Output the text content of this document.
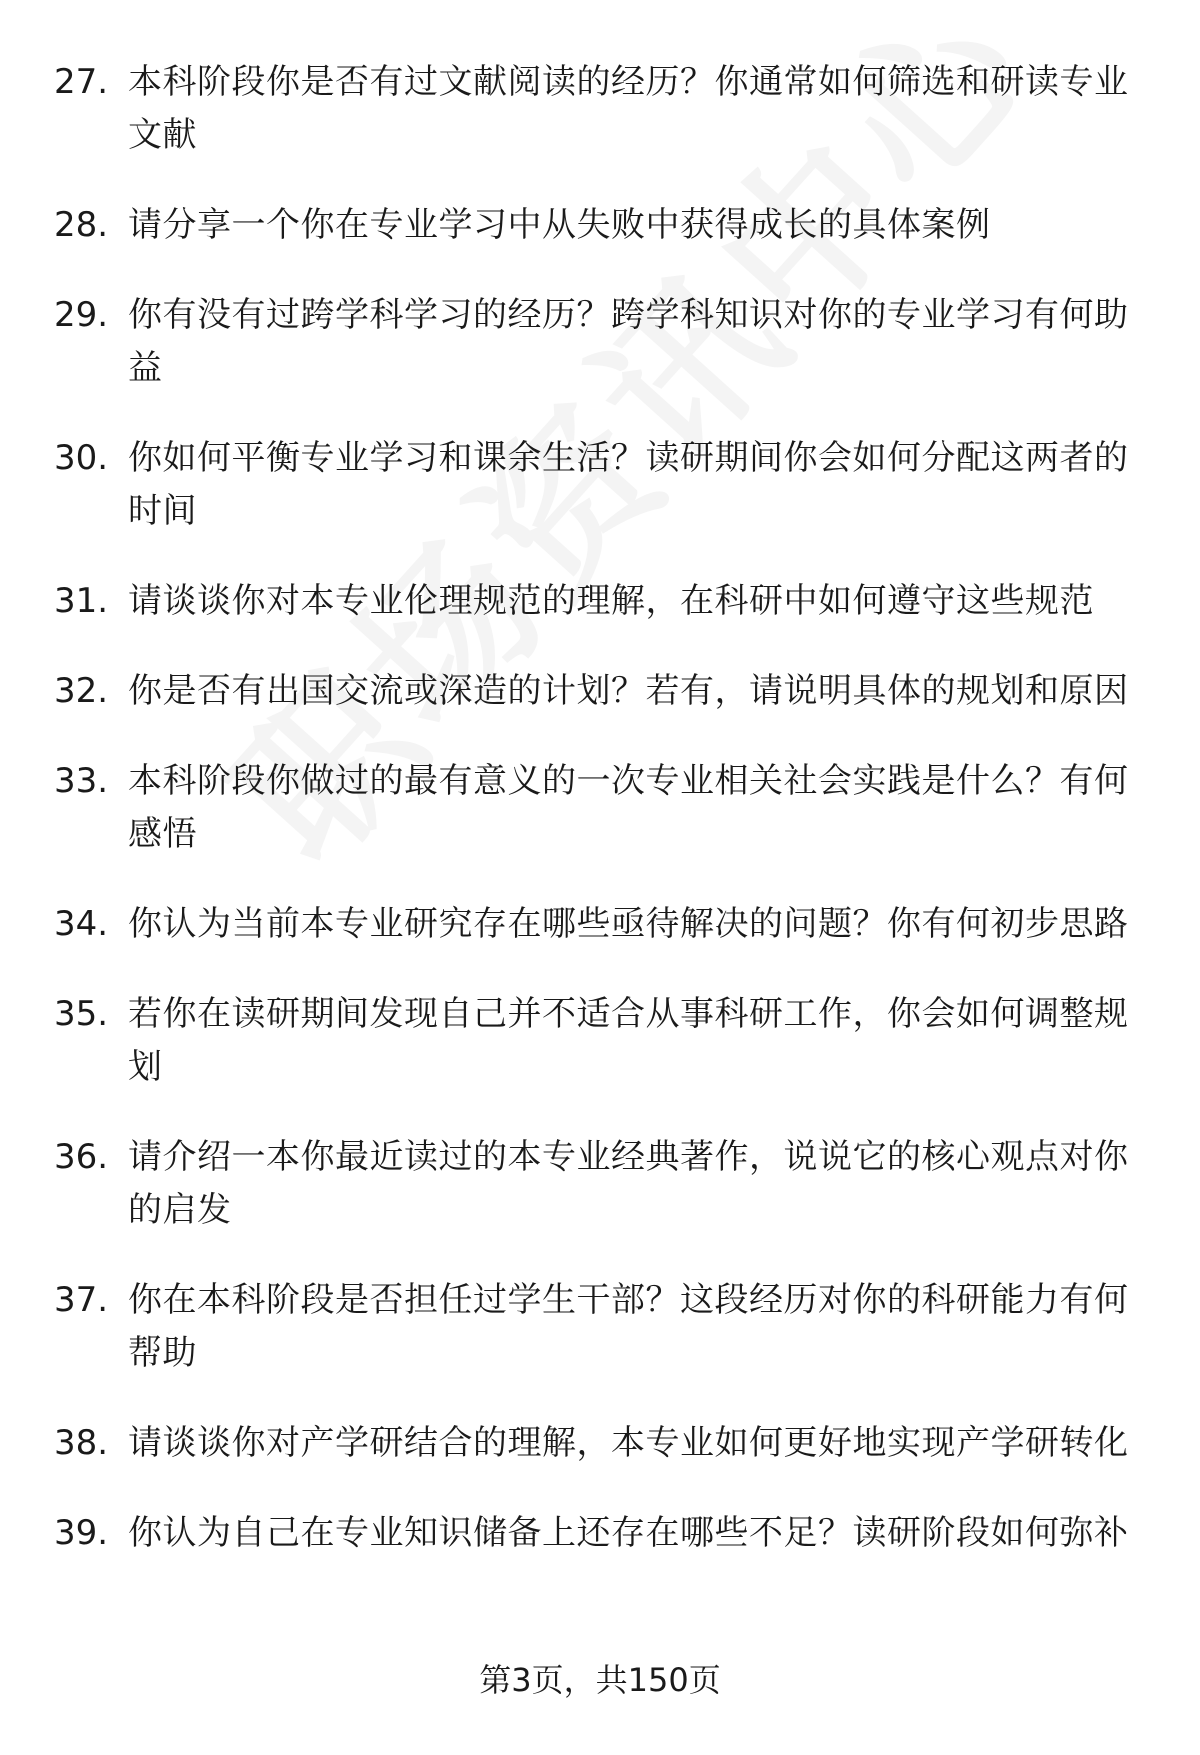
27. 本科阶段你是否有过文献阅读的经历？你通常如何筛选和研读专业文献
28. 请分享一个你在专业学习中从失败中获得成长的具体案例
29. 你有没有过跨学科学习的经历？跨学科知识对你的专业学习有何助益
30. 你如何平衡专业学习和课余生活？读研期间你会如何分配这两者的时间
31. 请谈谈你对本专业伦理规范的理解，在科研中如何遵守这些规范
32. 你是否有出国交流或深造的计划？若有，请说明具体的规划和原因
33. 本科阶段你做过的最有意义的一次专业相关社会实践是什么？有何感悟
34. 你认为当前本专业研究存在哪些亟待解决的问题？你有何初步思路
35. 若你在读研期间发现自己并不适合从事科研工作，你会如何调整规划
36. 请介绍一本你最近读过的本专业经典著作，说说它的核心观点对你的启发
37. 你在本科阶段是否担任过学生干部？这段经历对你的科研能力有何帮助
38. 请谈谈你对产学研结合的理解，本专业如何更好地实现产学研转化
39. 你认为自己在专业知识储备上还存在哪些不足？读研阶段如何弥补
第3页，共150页
